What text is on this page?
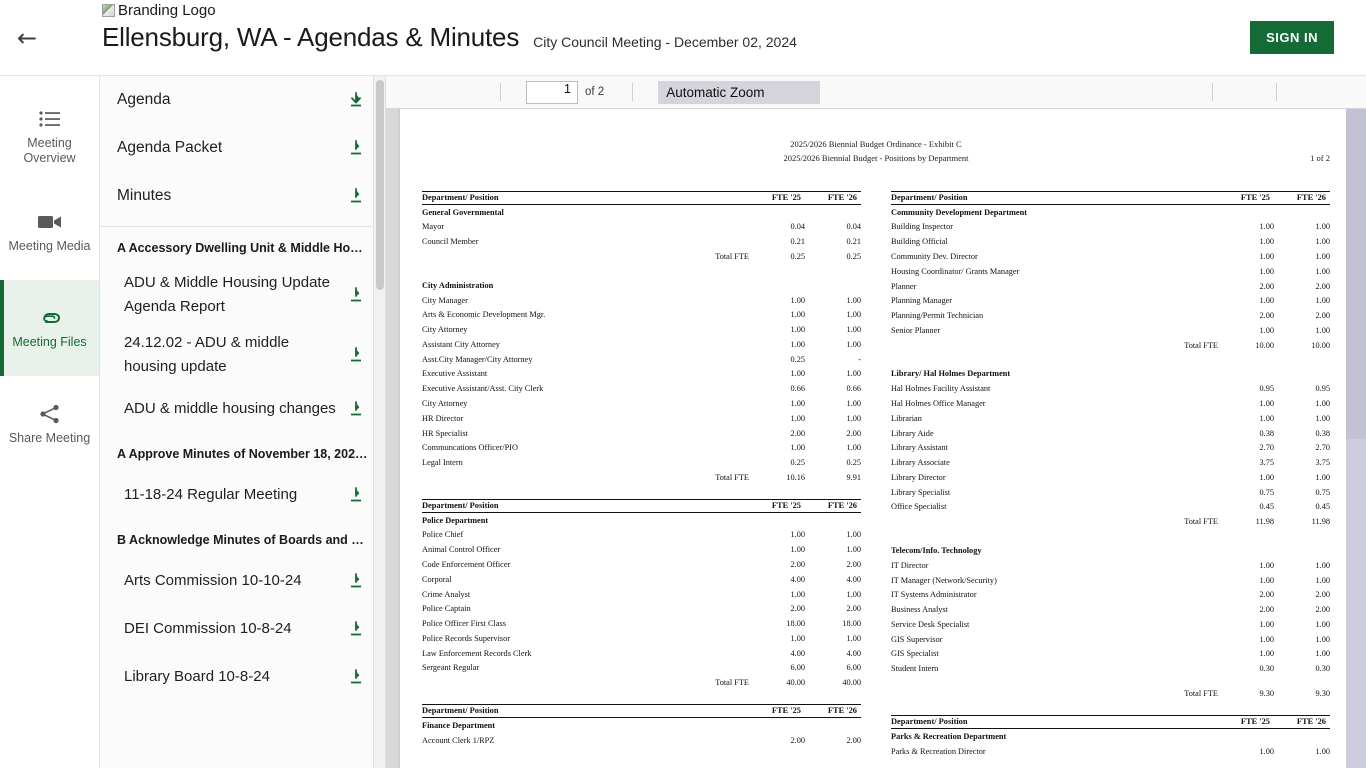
←
Branding Logo
Ellensburg, WA - Agendas & Minutes City Council Meeting - December 02, 2024	SIGN IN
Meeting Overview
Meeting Media
Meeting Files
Share Meeting
Agenda
Agenda Packet
Minutes
A Accessory Dwelling Unit & Middle Ho…
ADU & Middle Housing Update Agenda Report
24.12.02 - ADU & middle housing update
ADU & middle housing changes
A Approve Minutes of November 18, 202…
11-18-24 Regular Meeting
B Acknowledge Minutes of Boards and …
Arts Commission 10-10-24
DEI Commission 10-8-24
Library Board 10-8-24
1	of 2	Automatic Zoom
2025/2026 Biennial Budget Ordinance - Exhibit C
2025/2026 Biennial Budget - Positions by Department	1 of 2
Department/ Position		FTE '25	FTE '26
General Governmental			
Mayor		0.04	0.04
Council Member		0.21	0.21
	Total FTE	0.25	0.25
City Administration			
City Manager		1.00	1.00
Arts & Economic Development Mgr.		1.00	1.00
City Attorney		1.00	1.00
Assistant City Attorney		1.00	1.00
Asst.City Manager/City Attorney		0.25	-
Executive Assistant		1.00	1.00
Executive Assistant/Asst. City Clerk		0.66	0.66
City Attorney		1.00	1.00
HR Director		1.00	1.00
HR Specialist		2.00	2.00
Communcations Officer/PIO		1.00	1.00
Legal Intern		0.25	0.25
	Total FTE	10.16	9.91
Department/ Position		FTE '25	FTE '26
Police Department			
Police Chief		1.00	1.00
Animal Control Officer		1.00	1.00
Code Enforcement Officer		2.00	2.00
Corporal		4.00	4.00
Crime Analyst		1.00	1.00
Police Captain		2.00	2.00
Police Officer First Class		18.00	18.00
Police Records Supervisor		1.00	1.00
Law Enforcement Records Clerk		4.00	4.00
Sergeant Regular		6.00	6.00
	Total FTE	40.00	40.00
Department/ Position		FTE '25	FTE '26
Finance Department			
Account Clerk 1/RPZ		2.00	2.00
Department/ Position		FTE '25	FTE '26
Community Development Department			
Building Inspector		1.00	1.00
Building Official		1.00	1.00
Community Dev. Director		1.00	1.00
Housing Coordinator/ Grants Manager		1.00	1.00
Planner		2.00	2.00
Planning Manager		1.00	1.00
Planning/Permit Technician		2.00	2.00
Senior Planner		1.00	1.00
	Total FTE	10.00	10.00
Library/ Hal Holmes Department			
Hal Holmes Facility Assistant		0.95	0.95
Hal Holmes Office Manager		1.00	1.00
Librarian		1.00	1.00
Library Aide		0.38	0.38
Library Assistant		2.70	2.70
Library Associate		3.75	3.75
Library Director		1.00	1.00
Library Specialist		0.75	0.75
Office Specialist		0.45	0.45
	Total FTE	11.98	11.98
Telecom/Info. Technology			
IT Director		1.00	1.00
IT Manager (Network/Security)		1.00	1.00
IT Systems Administrator		2.00	2.00
Business Analyst		2.00	2.00
Service Desk Specialist		1.00	1.00
GIS Supervisor		1.00	1.00
GIS Specialist		1.00	1.00
Student Intern		0.30	0.30

	Total FTE	9.30	9.30
Department/ Position		FTE '25	FTE '26
Parks & Recreation Department			
Parks & Recreation Director		1.00	1.00
